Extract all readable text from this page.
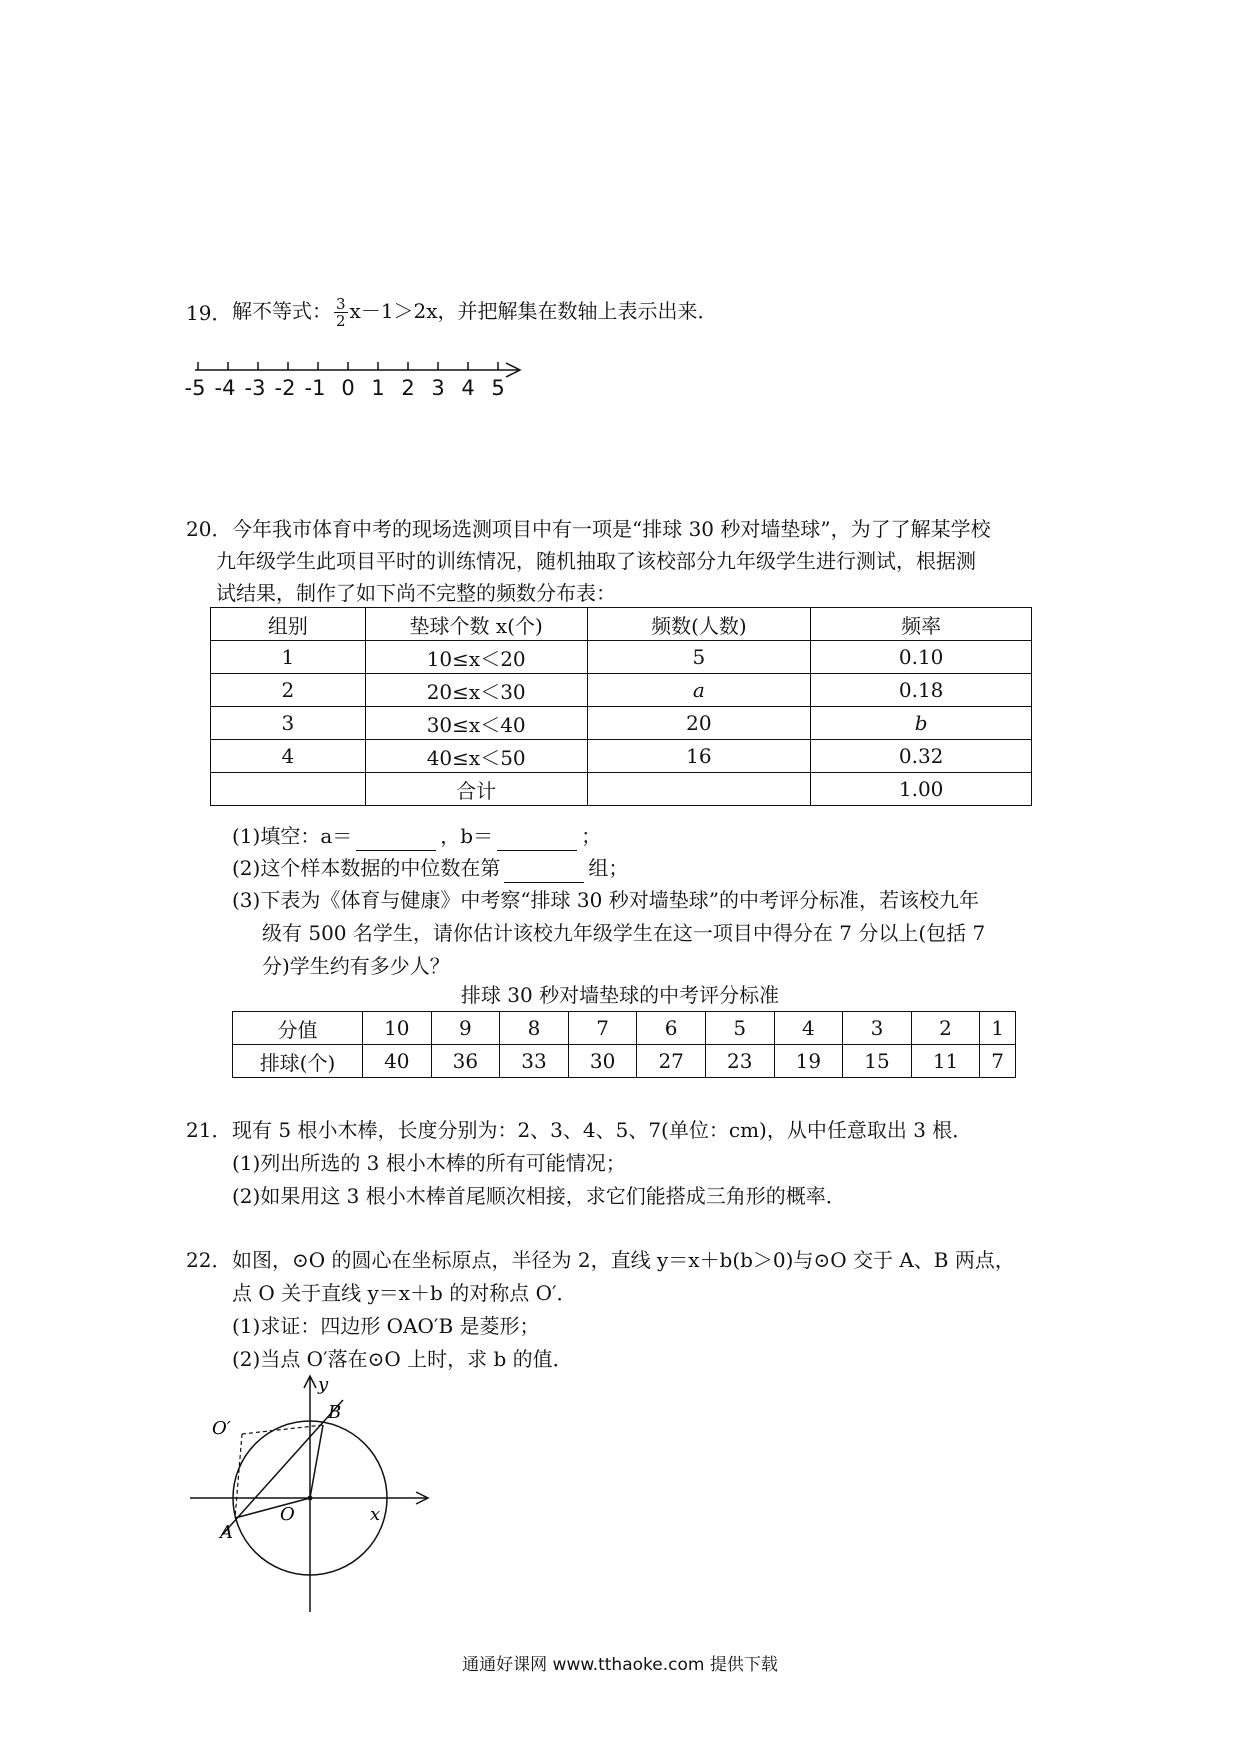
19． 解不等式： $\frac{3}{2} x-1>2x$，并把解集在数轴上表示出来．
-5 -4 -3 -2 -1 0 1 2 3 4 5
20． 今年我市体育中考的现场选测项目中有一项是“排球 30 秒对墙垫球”，为了了解某学校
九年级学生此项目平时的训练情况，随机抽取了该校部分九年级学生进行测试，根据测
试结果，制作了如下尚不完整的频数分布表：
组别	垫球个数 x(个)	频数(人数)	频率
1	10≤x＜20	5	0.10
2	20≤x＜30	a	0.18
3	30≤x＜40	20	b
4	40≤x＜50	16	0.32
	合计		1.00
(1)填空：a＝	，b＝	；
(2)这个样本数据的中位数在第	组；
(3)下表为《体育与健康》中考察“排球 30 秒对墙垫球”的中考评分标准，若该校九年
级有 500 名学生，请你估计该校九年级学生在这一项目中得分在 7 分以上(包括 7
分)学生约有多少人？
排球 30 秒对墙垫球的中考评分标准
分值	10	9	8	7	6	5	4	3	2	1
排球(个)	40	36	33	30	27	23	19	15	11	7
21． 现有 5 根小木棒，长度分别为：2、3、4、5、7(单位：cm)，从中任意取出 3 根．
(1)列出所选的 3 根小木棒的所有可能情况；
(2)如果用这 3 根小木棒首尾顺次相接，求它们能搭成三角形的概率．
22． 如图，⊙O 的圆心在坐标原点，半径为 2，直线 y＝x＋b(b＞0)与⊙O 交于 A、B 两点，
点 O 关于直线 y＝x＋b 的对称点 O′．
(1)求证：四边形 OAO′B 是菱形；
(2)当点 O′落在⊙O 上时，求 b 的值．
y
x
O
A
B
O′
通通好课网 www.tthaoke.com 提供下载
